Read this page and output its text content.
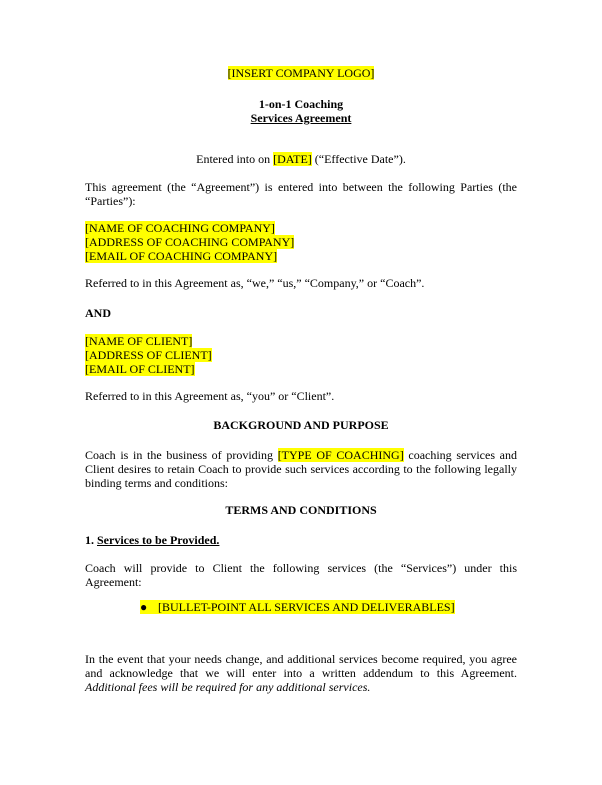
[INSERT COMPANY LOGO]
1-on-1 Coaching
Services Agreement
Entered into on [DATE] (“Effective Date”).
This agreement (the “Agreement”) is entered into between the following Parties (the “Parties”):
[NAME OF COACHING COMPANY]
[ADDRESS OF COACHING COMPANY]
[EMAIL OF COACHING COMPANY]
Referred to in this Agreement as, “we,” “us,” “Company,” or “Coach”.
AND
[NAME OF CLIENT]
[ADDRESS OF CLIENT]
[EMAIL OF CLIENT]
Referred to in this Agreement as, “you” or “Client”.
BACKGROUND AND PURPOSE
Coach is in the business of providing [TYPE OF COACHING] coaching services and Client desires to retain Coach to provide such services according to the following legally binding terms and conditions:
TERMS AND CONDITIONS
1. Services to be Provided.
Coach will provide to Client the following services (the “Services”) under this Agreement:
● [BULLET-POINT ALL SERVICES AND DELIVERABLES]
In the event that your needs change, and additional services become required, you agree and acknowledge that we will enter into a written addendum to this Agreement. Additional fees will be required for any additional services.
